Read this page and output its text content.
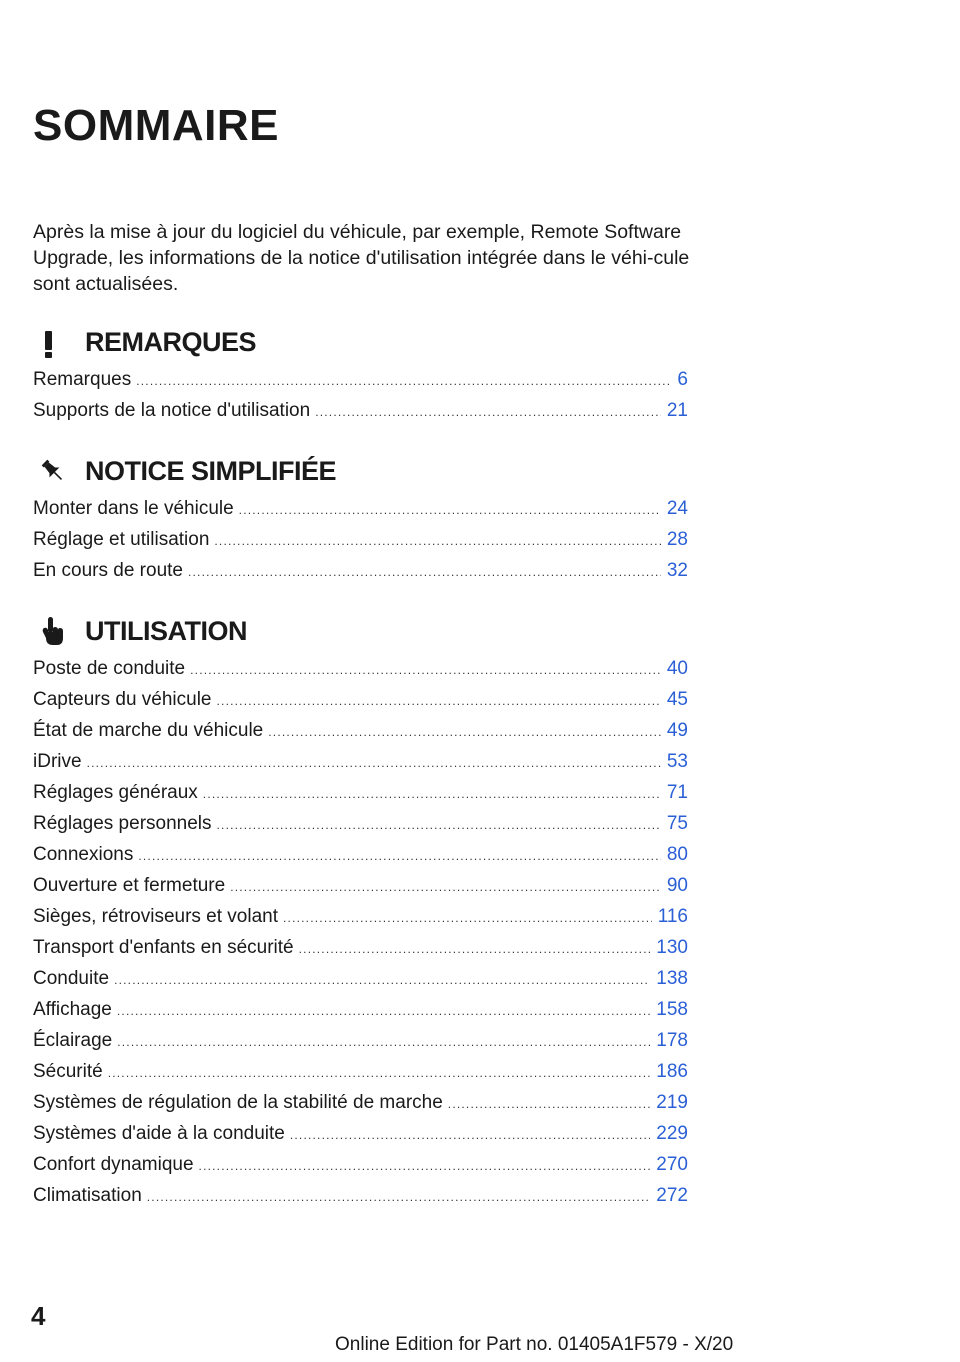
SOMMAIRE
Après la mise à jour du logiciel du véhicule, par exemple, Remote Software Upgrade, les informations de la notice d'utilisation intégrée dans le véhi-cule sont actualisées.
REMARQUES
Remarques .....	6
Supports de la notice d'utilisation .....	21
NOTICE SIMPLIFIÉE
Monter dans le véhicule .....	24
Réglage et utilisation .....	28
En cours de route .....	32
UTILISATION
Poste de conduite .....	40
Capteurs du véhicule .....	45
État de marche du véhicule .....	49
iDrive .....	53
Réglages généraux .....	71
Réglages personnels .....	75
Connexions .....	80
Ouverture et fermeture .....	90
Sièges, rétroviseurs et volant .....	116
Transport d'enfants en sécurité .....	130
Conduite .....	138
Affichage .....	158
Éclairage .....	178
Sécurité .....	186
Systèmes de régulation de la stabilité de marche .....	219
Systèmes d'aide à la conduite .....	229
Confort dynamique .....	270
Climatisation .....	272
4
Online Edition for Part no. 01405A1F579 - X/20
